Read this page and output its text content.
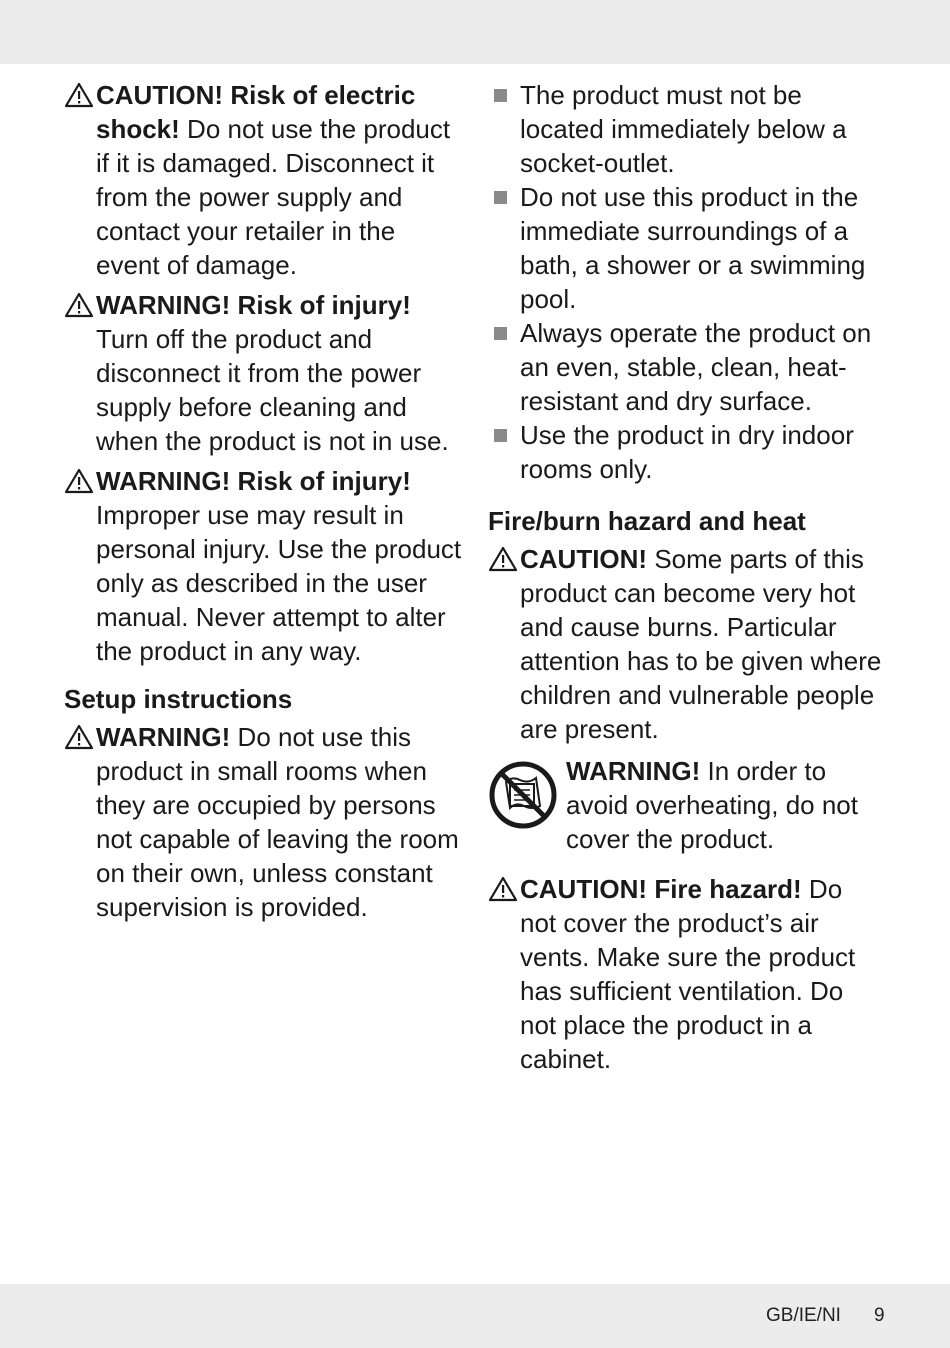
CAUTION! Risk of electric shock! Do not use the product if it is damaged. Disconnect it from the power supply and contact your retailer in the event of damage.
WARNING! Risk of injury! Turn off the product and disconnect it from the power supply before cleaning and when the product is not in use.
WARNING! Risk of injury! Improper use may result in personal injury. Use the product only as described in the user manual. Never attempt to alter the product in any way.
Setup instructions
WARNING! Do not use this product in small rooms when they are occupied by persons not capable of leaving the room on their own, unless constant supervision is provided.
The product must not be located immediately below a socket-outlet.
Do not use this product in the immediate surroundings of a bath, a shower or a swimming pool.
Always operate the product on an even, stable, clean, heat-resistant and dry surface.
Use the product in dry indoor rooms only.
Fire/burn hazard and heat
CAUTION! Some parts of this product can become very hot and cause burns. Particular attention has to be given where children and vulnerable people are present.
WARNING! In order to avoid overheating, do not cover the product.
CAUTION! Fire hazard! Do not cover the product’s air vents. Make sure the product has sufficient ventilation. Do not place the product in a cabinet.
GB/IE/NI 9
